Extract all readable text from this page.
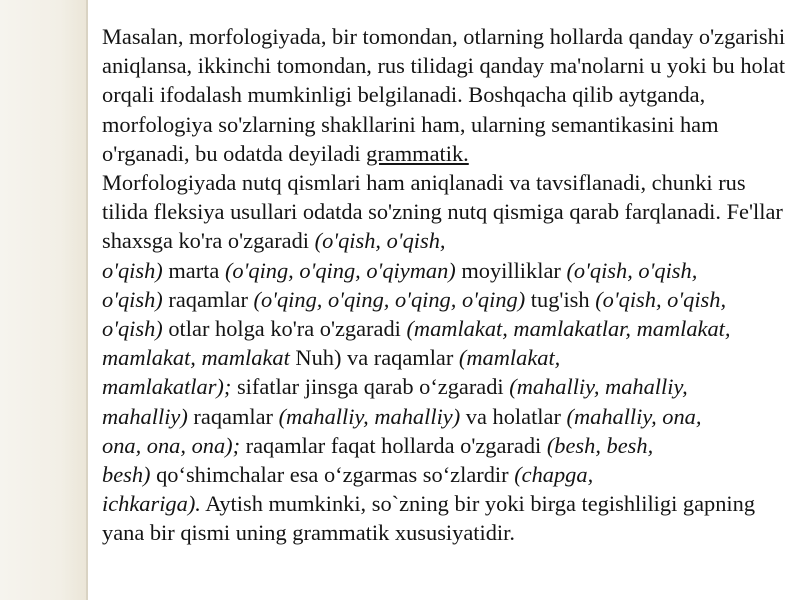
Masalan, morfologiyada, bir tomondan, otlarning hollarda qanday o'zgarishi aniqlansa, ikkinchi tomondan, rus tilidagi qanday ma'nolarni u yoki bu holat orqali ifodalash mumkinligi belgilanadi. Boshqacha qilib aytganda, morfologiya so'zlarning shakllarini ham, ularning semantikasini ham o'rganadi, bu odatda deyiladi grammatik.
Morfologiyada nutq qismlari ham aniqlanadi va tavsiflanadi, chunki rus tilida fleksiya usullari odatda so'zning nutq qismiga qarab farqlanadi. Fe'llar shaxsga ko'ra o'zgaradi (o'qish, o'qish,
o'qish) marta (o'qing, o'qing, o'qiyman) moyilliklar (o'qish, o'qish,
o'qish) raqamlar (o'qing, o'qing, o'qing, o'qing) tug'ish (o'qish, o'qish,
o'qish) otlar holga ko'ra o'zgaradi (mamlakat, mamlakatlar, mamlakat,
mamlakat, mamlakat Nuh) va raqamlar (mamlakat,
mamlakatlar); sifatlar jinsga qarab o‘zgaradi (mahalliy, mahalliy,
mahalliy) raqamlar (mahalliy, mahalliy) va holatlar (mahalliy, ona,
ona, ona, ona); raqamlar faqat hollarda o'zgaradi (besh, besh,
besh) qo‘shimchalar esa o‘zgarmas so‘zlardir (chapga,
ichkariga). Aytish mumkinki, so`zning bir yoki birga tegishliligi gapning yana bir qismi uning grammatik xususiyatidir.
